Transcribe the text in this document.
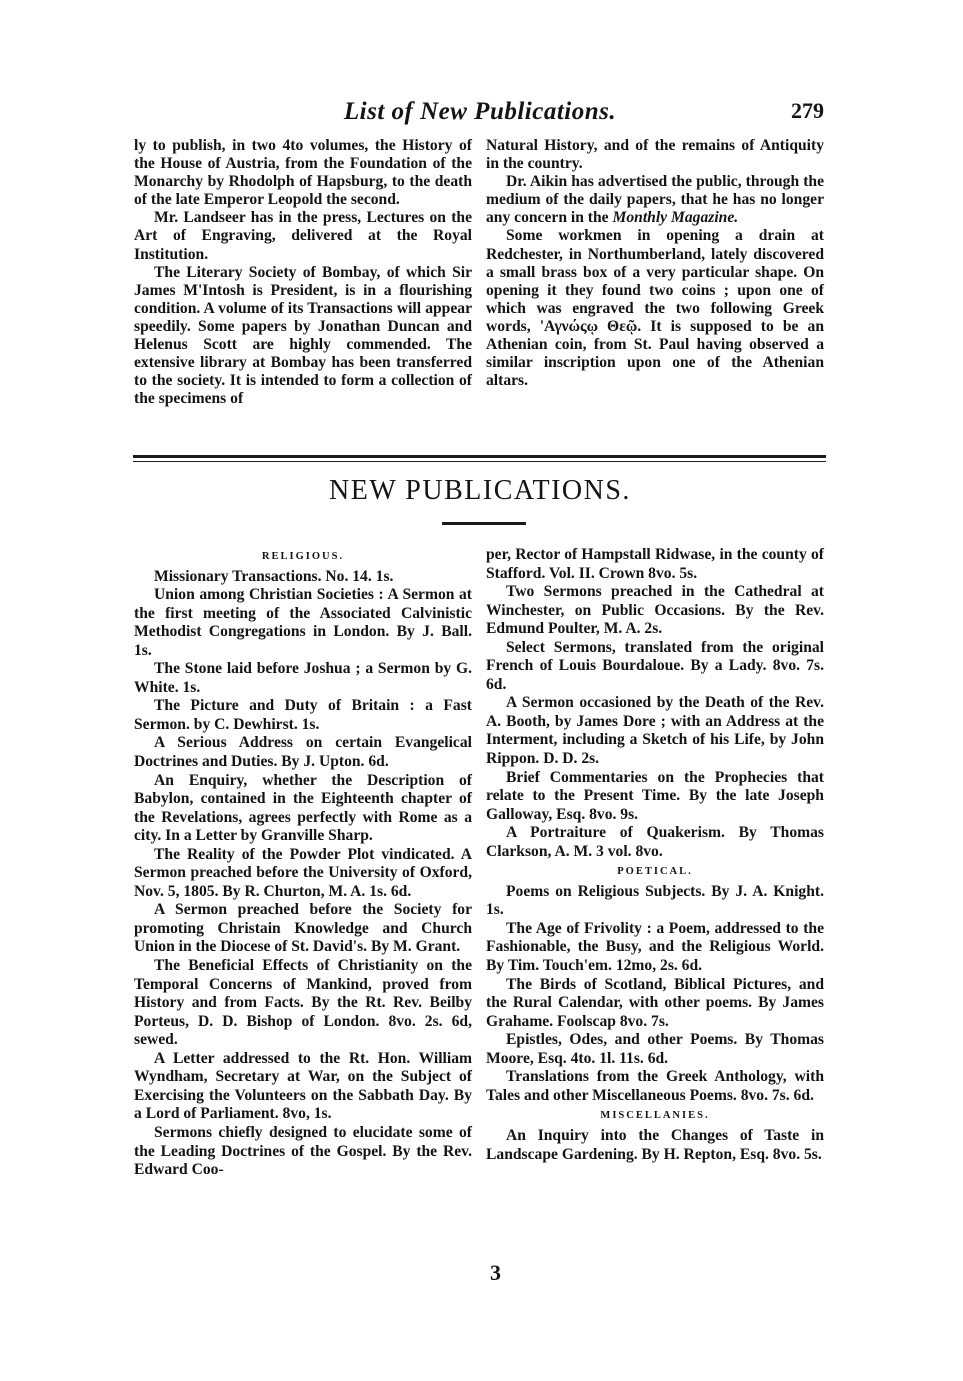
List of New Publications.	279

ly to publish, in two 4to volumes, the History of the House of Austria, from the Foundation of the Monarchy by Rhodolph of Hapsburg, to the death of the late Emperor Leopold the second.

Mr. Landseer has in the press, Lectures on the Art of Engraving, delivered at the Royal Institution.

The Literary Society of Bombay, of which Sir James M'Intosh is President, is in a flourishing condition. A volume of its Transactions will appear speedily. Some papers by Jonathan Duncan and Helenus Scott are highly commended. The extensive library at Bombay has been transferred to the society. It is intended to form a collection of the specimens of

Natural History, and of the remains of Antiquity in the country.

Dr. Aikin has advertised the public, through the medium of the daily papers, that he has no longer any concern in the Monthly Magazine.

Some workmen in opening a drain at Redchester, in Northumberland, lately discovered a small brass box of a very particular shape. On opening it they found two coins ; upon one of which was engraved the two following Greek words, 'Αγνώςῳ Θεῷ. It is supposed to be an Athenian coin, from St. Paul having observed a similar inscription upon one of the Athenian altars.

NEW PUBLICATIONS.
RELIGIOUS.

Missionary Transactions. No. 14. 1s.

Union among Christian Societies : A Sermon at the first meeting of the Associated Calvinistic Methodist Congregations in London. By J. Ball. 1s.

The Stone laid before Joshua ; a Sermon by G. White. 1s.

The Picture and Duty of Britain : a Fast Sermon. by C. Dewhirst. 1s.

A Serious Address on certain Evangelical Doctrines and Duties. By J. Upton. 6d.

An Enquiry, whether the Description of Babylon, contained in the Eighteenth chapter of the Revelations, agrees perfectly with Rome as a city. In a Letter by Granville Sharp.

The Reality of the Powder Plot vindicated. A Sermon preached before the University of Oxford, Nov. 5, 1805. By R. Churton, M. A. 1s. 6d.

A Sermon preached before the Society for promoting Christain Knowledge and Church Union in the Diocese of St. David's. By M. Grant.

The Beneficial Effects of Christianity on the Temporal Concerns of Mankind, proved from History and from Facts. By the Rt. Rev. Beilby Porteus, D. D. Bishop of London. 8vo. 2s. 6d, sewed.

A Letter addressed to the Rt. Hon. William Wyndham, Secretary at War, on the Subject of Exercising the Volunteers on the Sabbath Day. By a Lord of Parliament. 8vo, 1s.

Sermons chiefly designed to elucidate some of the Leading Doctrines of the Gospel. By the Rev. Edward Coo-

per, Rector of Hampstall Ridwase, in the county of Stafford. Vol. II. Crown 8vo. 5s.

Two Sermons preached in the Cathedral at Winchester, on Public Occasions. By the Rev. Edmund Poulter, M. A. 2s.

Select Sermons, translated from the original French of Louis Bourdaloue. By a Lady. 8vo. 7s. 6d.

A Sermon occasioned by the Death of the Rev. A. Booth, by James Dore ; with an Address at the Interment, including a Sketch of his Life, by John Rippon. D. D. 2s.

Brief Commentaries on the Prophecies that relate to the Present Time. By the late Joseph Galloway, Esq. 8vo. 9s.

A Portraiture of Quakerism. By Thomas Clarkson, A. M. 3 vol. 8vo.

POETICAL.

Poems on Religious Subjects. By J. A. Knight. 1s.

The Age of Frivolity : a Poem, addressed to the Fashionable, the Busy, and the Religious World. By Tim. Touch'em. 12mo, 2s. 6d.

The Birds of Scotland, Biblical Pictures, and the Rural Calendar, with other poems. By James Grahame. Foolscap 8vo. 7s.

Epistles, Odes, and other Poems. By Thomas Moore, Esq. 4to. 1l. 11s. 6d.

Translations from the Greek Anthology, with Tales and other Miscellaneous Poems. 8vo. 7s. 6d.

MISCELLANIES.

An Inquiry into the Changes of Taste in Landscape Gardening. By H. Repton, Esq. 8vo. 5s.

3
